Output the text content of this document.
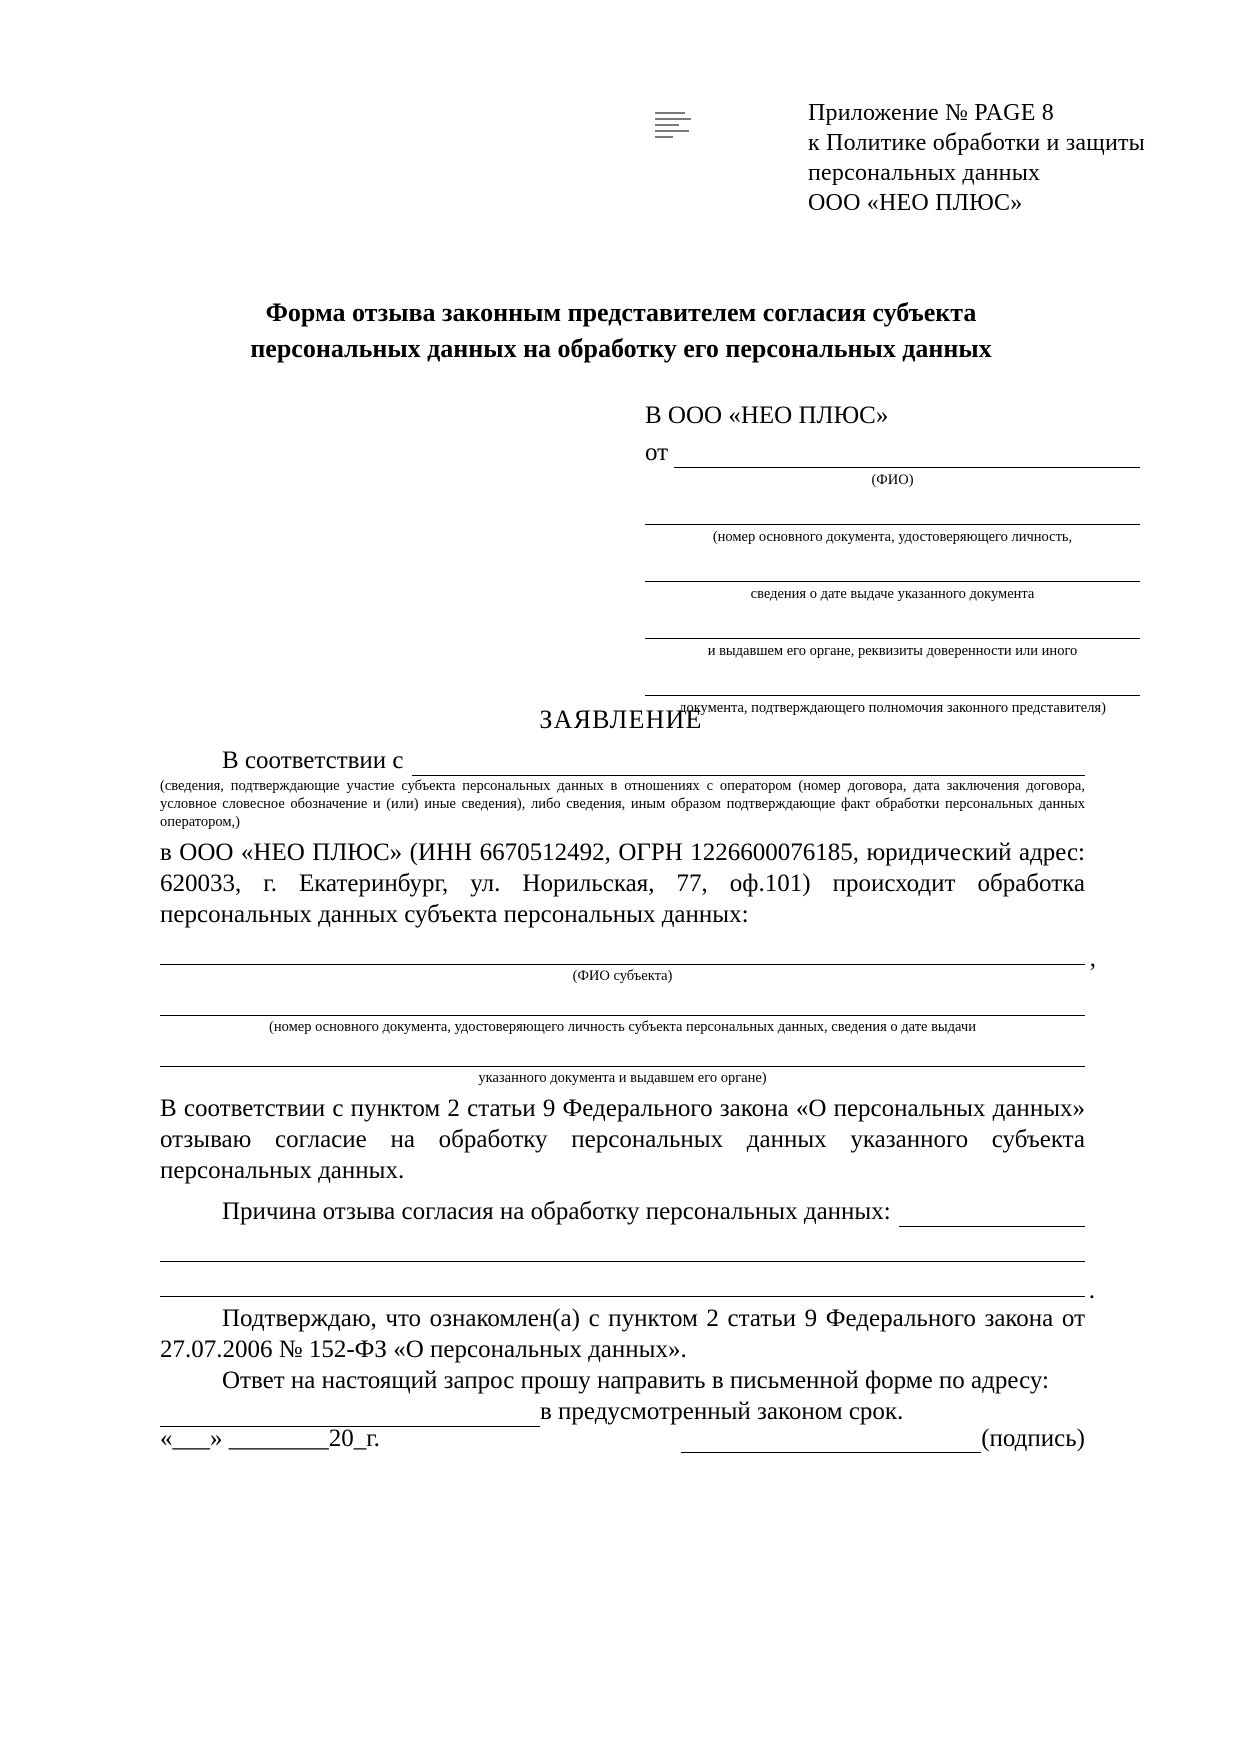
Приложение № PAGE 8
к Политике обработки и защиты
персональных данных
ООО «НЕО ПЛЮС»
Форма отзыва законным представителем согласия субъекта
персональных данных на обработку его персональных данных
В ООО «НЕО ПЛЮС»
от
(ФИО)
(номер основного документа, удостоверяющего личность,
сведения о дате выдаче указанного документа
и выдавшем его органе, реквизиты доверенности или иного
документа, подтверждающего полномочия законного представителя)
ЗАЯВЛЕНИЕ
В соответствии с

(сведения, подтверждающие участие субъекта персональных данных в отношениях с оператором (номер договора, дата заключения договора, условное словесное обозначение и (или) иные сведения), либо сведения, иным образом подтверждающие факт обработки персональных данных оператором,)

в ООО «НЕО ПЛЮС» (ИНН 6670512492, ОГРН 1226600076185, юридический адрес: 620033, г. Екатеринбург, ул. Норильская, 77, оф.101) происходит обработка персональных данных субъекта персональных данных:

,
(ФИО субъекта)
(номер основного документа, удостоверяющего личность субъекта персональных данных, сведения о дате выдачи
указанного документа и выдавшем его органе)

В соответствии с пунктом 2 статьи 9 Федерального закона «О персональных данных» отзываю согласие на обработку персональных данных указанного субъекта персональных данных.

Причина отзыва согласия на обработку персональных данных:
.

Подтверждаю, что ознакомлен(а) с пунктом 2 статьи 9 Федерального закона от 27.07.2006 № 152-ФЗ «О персональных данных».

Ответ на настоящий запрос прошу направить в письменной форме по адресу:

в предусмотренный законом срок.
«___» ________20_г.	(подпись)
